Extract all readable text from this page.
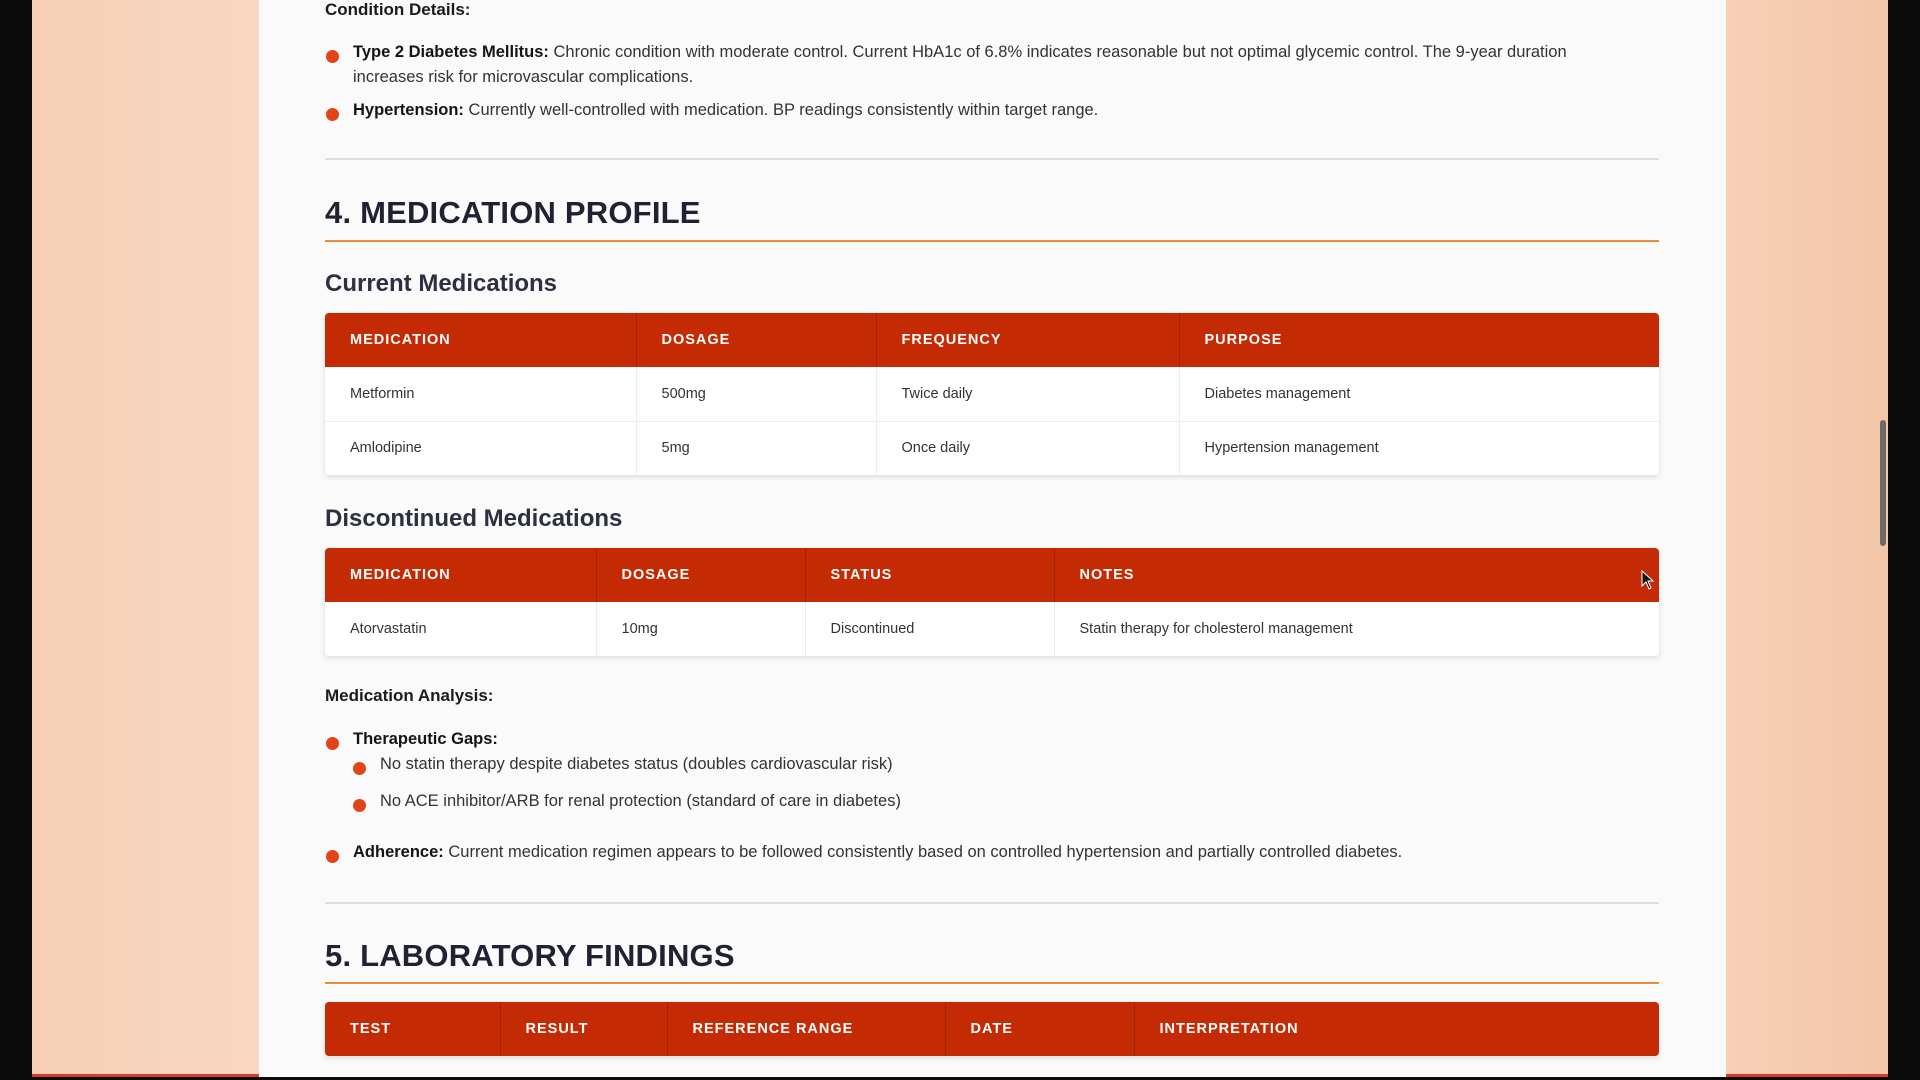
Condition Details:
Type 2 Diabetes Mellitus: Chronic condition with moderate control. Current HbA1c of 6.8% indicates reasonable but not optimal glycemic control. The 9-year duration increases risk for microvascular complications.
Hypertension: Currently well-controlled with medication. BP readings consistently within target range.
4. MEDICATION PROFILE
Current Medications
MEDICATION	DOSAGE	FREQUENCY	PURPOSE
Metformin	500mg	Twice daily	Diabetes management
Amlodipine	5mg	Once daily	Hypertension management
Discontinued Medications
MEDICATION	DOSAGE	STATUS	NOTES
Atorvastatin	10mg	Discontinued	Statin therapy for cholesterol management
Medication Analysis:
Therapeutic Gaps:
No statin therapy despite diabetes status (doubles cardiovascular risk)
No ACE inhibitor/ARB for renal protection (standard of care in diabetes)
Adherence: Current medication regimen appears to be followed consistently based on controlled hypertension and partially controlled diabetes.
5. LABORATORY FINDINGS
TEST	RESULT	REFERENCE RANGE	DATE	INTERPRETATION
